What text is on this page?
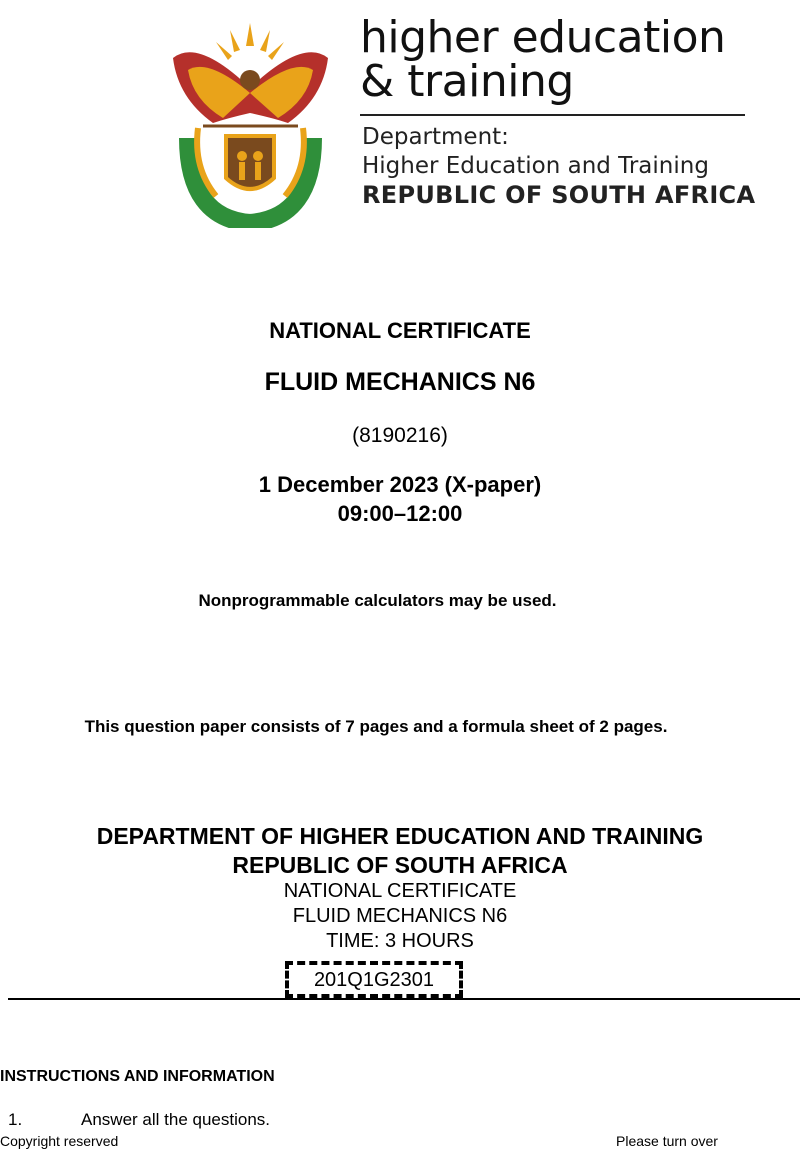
higher education
& training
Department:
Higher Education and Training
REPUBLIC OF SOUTH AFRICA
NATIONAL CERTIFICATE
FLUID MECHANICS N6
(8190216)
1 December 2023 (X-paper)
09:00–12:00
Nonprogrammable calculators may be used.
This question paper consists of 7 pages and a formula sheet of 2 pages.
DEPARTMENT OF HIGHER EDUCATION AND TRAINING
REPUBLIC OF SOUTH AFRICA
NATIONAL CERTIFICATE
FLUID MECHANICS N6
TIME: 3 HOURS
201Q1G2301
INSTRUCTIONS AND INFORMATION
1.	Answer all the questions.
Copyright reserved	Please turn over
